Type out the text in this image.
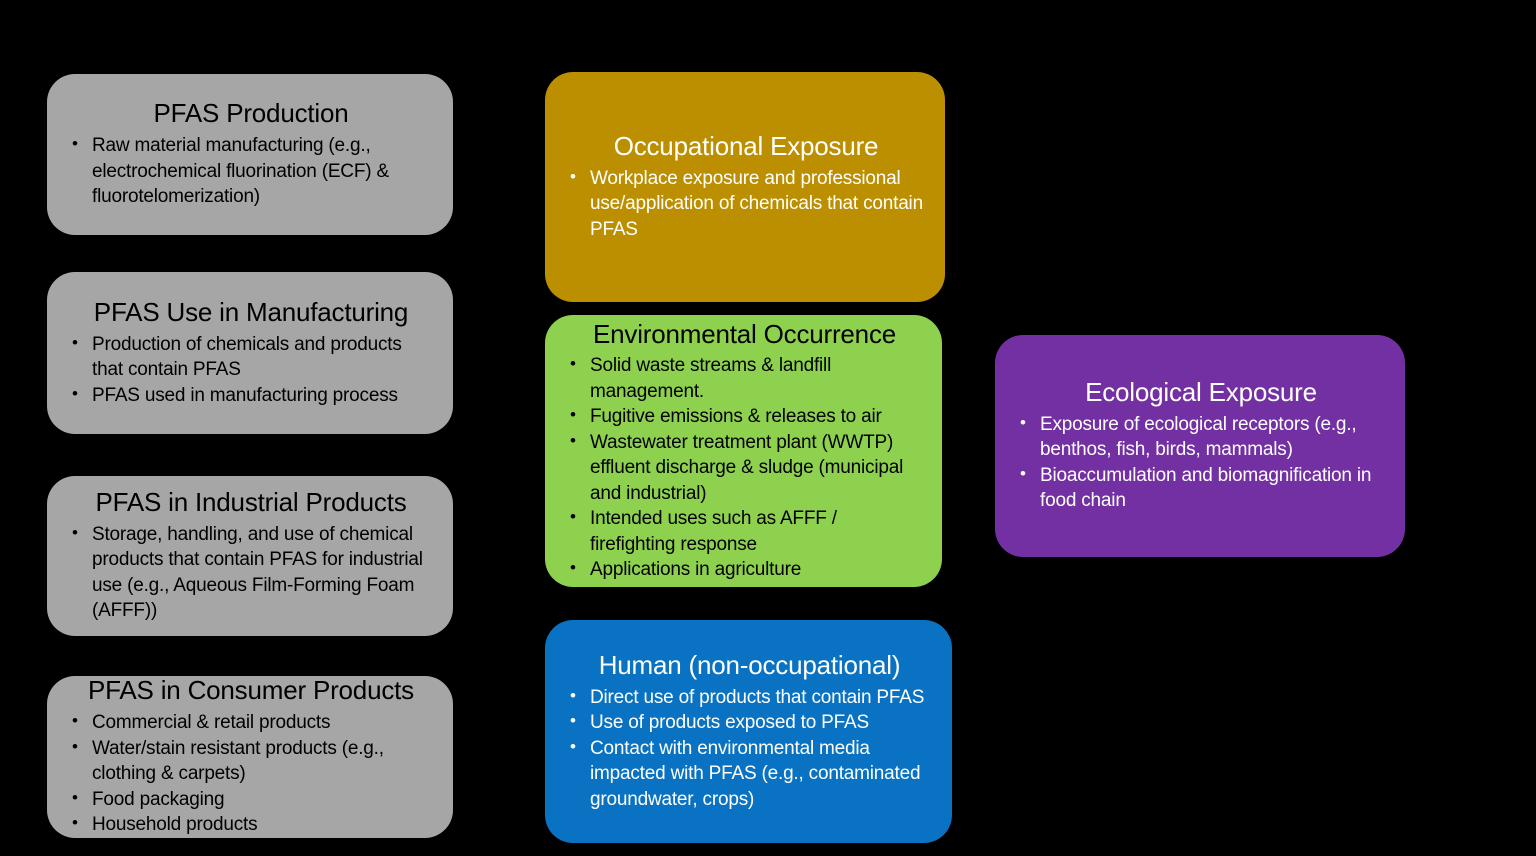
PFAS Production
• Raw material manufacturing (e.g., electrochemical fluorination (ECF) & fluorotelomerization)
PFAS Use in Manufacturing
• Production of chemicals and products that contain PFAS
• PFAS used in manufacturing process
PFAS in Industrial Products
• Storage, handling, and use of chemical products that contain PFAS for industrial use (e.g., Aqueous Film-Forming Foam (AFFF))
PFAS in Consumer Products
• Commercial & retail products
• Water/stain resistant products (e.g., clothing & carpets)
• Food packaging
• Household products
Occupational Exposure
• Workplace exposure and professional use/application of chemicals that contain PFAS
Environmental Occurrence
• Solid waste streams & landfill management.
• Fugitive emissions & releases to air
• Wastewater treatment plant (WWTP) effluent discharge & sludge (municipal and industrial)
• Intended uses such as AFFF / firefighting response
• Applications in agriculture
Human (non-occupational)
• Direct use of products that contain PFAS
• Use of products exposed to PFAS
• Contact with environmental media impacted with PFAS (e.g., contaminated groundwater, crops)
Ecological Exposure
• Exposure of ecological receptors (e.g., benthos, fish, birds, mammals)
• Bioaccumulation and biomagnification in food chain
